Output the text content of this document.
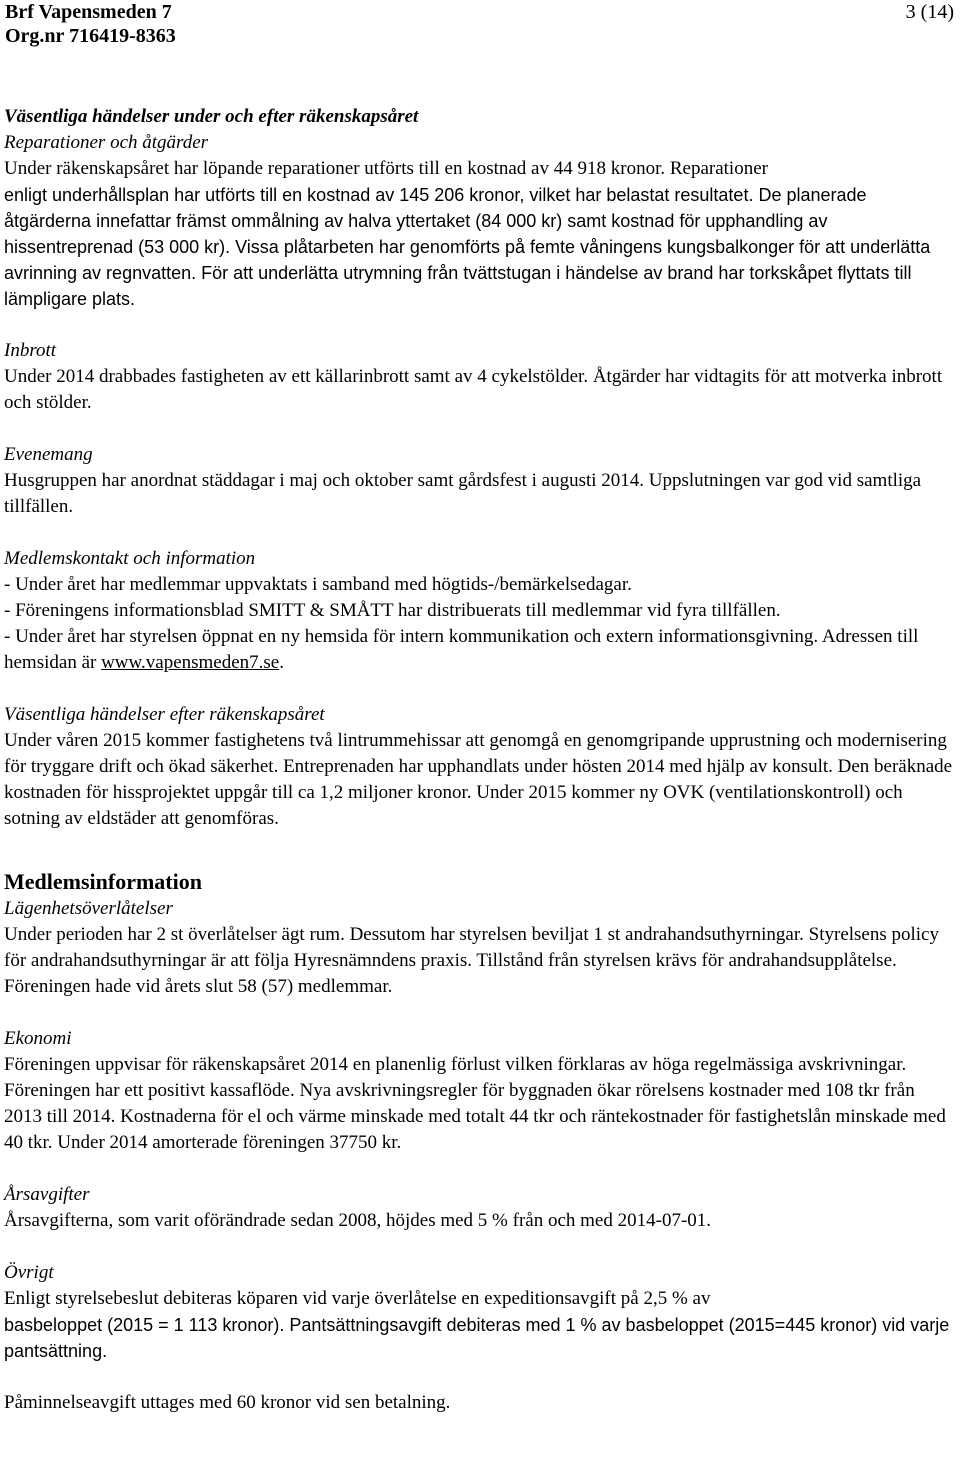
Brf Vapensmeden 7	3 (14)
Org.nr 716419-8363
Väsentliga händelser under och efter räkenskapsåret
Reparationer och åtgärder
Under räkenskapsåret har löpande reparationer utförts till en kostnad av 44 918 kronor. Reparationer
enligt underhållsplan har utförts till en kostnad av 145 206 kronor, vilket har belastat resultatet. De planerade åtgärderna innefattar främst ommålning av halva yttertaket (84 000 kr) samt kostnad för upphandling av hissentreprenad (53 000 kr). Vissa plåtarbeten har genomförts på femte våningens kungsbalkonger för att underlätta avrinning av regnvatten. För att underlätta utrymning från tvättstugan i händelse av brand har torkskåpet flyttats till lämpligare plats.
Inbrott
Under 2014 drabbades fastigheten av ett källarinbrott samt av 4 cykelstölder. Åtgärder har vidtagits för att motverka inbrott och stölder.
Evenemang
Husgruppen har anordnat städdagar i maj och oktober samt gårdsfest i augusti 2014. Uppslutningen var god vid samtliga tillfällen.
Medlemskontakt och information
- Under året har medlemmar uppvaktats i samband med högtids-/bemärkelsedagar.
- Föreningens informationsblad SMITT & SMÅTT har distribuerats till medlemmar vid fyra tillfällen.
- Under året har styrelsen öppnat en ny hemsida för intern kommunikation och extern informationsgivning. Adressen till hemsidan är www.vapensmeden7.se.
Väsentliga händelser efter räkenskapsåret
Under våren 2015 kommer fastighetens två lintrummehissar att genomgå en genomgripande upprustning och modernisering för tryggare drift och ökad säkerhet. Entreprenaden har upphandlats under hösten 2014 med hjälp av konsult. Den beräknade kostnaden för hissprojektet uppgår till ca 1,2 miljoner kronor. Under 2015 kommer ny OVK (ventilationskontroll) och sotning av eldstäder att genomföras.
Medlemsinformation
Lägenhetsöverlåtelser
Under perioden har 2 st överlåtelser ägt rum. Dessutom har styrelsen beviljat 1 st andrahandsuthyrningar. Styrelsens policy för andrahandsuthyrningar är att följa Hyresnämndens praxis. Tillstånd från styrelsen krävs för andrahandsupplåtelse.
Föreningen hade vid årets slut 58 (57) medlemmar.
Ekonomi
Föreningen uppvisar för räkenskapsåret 2014 en planenlig förlust vilken förklaras av höga regelmässiga avskrivningar. Föreningen har ett positivt kassaflöde. Nya avskrivningsregler för byggnaden ökar rörelsens kostnader med 108 tkr från 2013 till 2014. Kostnaderna för el och värme minskade med totalt 44 tkr och räntekostnader för fastighetslån minskade med 40 tkr. Under 2014 amorterade föreningen 37750 kr.
Årsavgifter
Årsavgifterna, som varit oförändrade sedan 2008, höjdes med 5 % från och med 2014-07-01.
Övrigt
Enligt styrelsebeslut debiteras köparen vid varje överlåtelse en expeditionsavgift på 2,5 % av
basbeloppet (2015 = 1 113 kronor). Pantsättningsavgift debiteras med 1 % av basbeloppet (2015=445 kronor) vid varje pantsättning.
Påminnelseavgift uttages med 60 kronor vid sen betalning.
